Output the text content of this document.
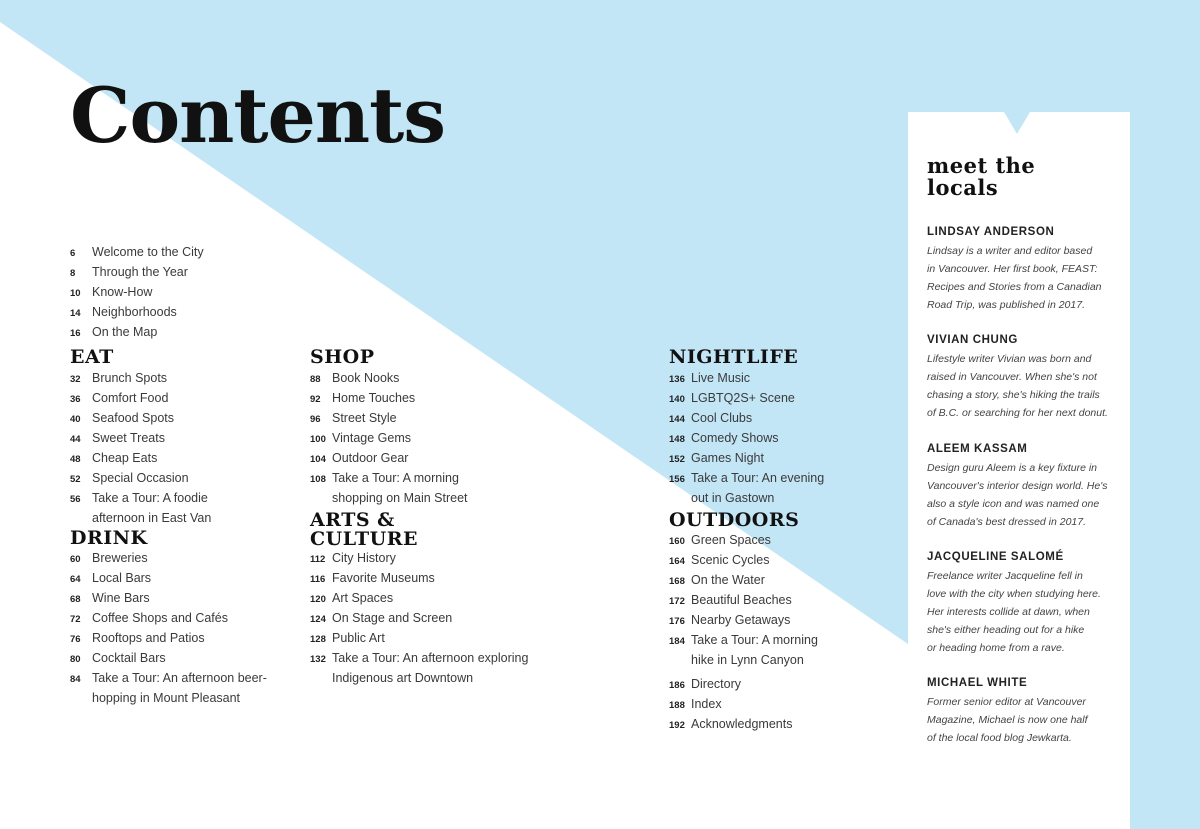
Contents
6 Welcome to the City
8 Through the Year
10 Know-How
14 Neighborhoods
16 On the Map
EAT
32 Brunch Spots
36 Comfort Food
40 Seafood Spots
44 Sweet Treats
48 Cheap Eats
52 Special Occasion
56 Take a Tour: A foodie
afternoon in East Van
DRINK
60 Breweries
64 Local Bars
68 Wine Bars
72 Coffee Shops and Cafés
76 Rooftops and Patios
80 Cocktail Bars
84 Take a Tour: An afternoon beer-
hopping in Mount Pleasant
SHOP
88 Book Nooks
92 Home Touches
96 Street Style
100 Vintage Gems
104 Outdoor Gear
108 Take a Tour: A morning
shopping on Main Street
ARTS &
CULTURE
112 City History
116 Favorite Museums
120 Art Spaces
124 On Stage and Screen
128 Public Art
132 Take a Tour: An afternoon exploring
Indigenous art Downtown
NIGHTLIFE
136 Live Music
140 LGBTQ2S+ Scene
144 Cool Clubs
148 Comedy Shows
152 Games Night
156 Take a Tour: An evening
out in Gastown
OUTDOORS
160 Green Spaces
164 Scenic Cycles
168 On the Water
172 Beautiful Beaches
176 Nearby Getaways
184 Take a Tour: A morning
hike in Lynn Canyon
186 Directory
188 Index
192 Acknowledgments
meet the
locals

LINDSAY ANDERSON

Lindsay is a writer and editor based
in Vancouver. Her first book, FEAST:
Recipes and Stories from a Canadian
Road Trip, was published in 2017.

VIVIAN CHUNG

Lifestyle writer Vivian was born and
raised in Vancouver. When she's not
chasing a story, she's hiking the trails
of B.C. or searching for her next donut.

ALEEM KASSAM

Design guru Aleem is a key fixture in
Vancouver's interior design world. He's
also a style icon and was named one
of Canada's best dressed in 2017.

JACQUELINE SALOMÉ

Freelance writer Jacqueline fell in
love with the city when studying here.
Her interests collide at dawn, when
she's either heading out for a hike
or heading home from a rave.

MICHAEL WHITE

Former senior editor at Vancouver
Magazine, Michael is now one half
of the local food blog Jewkarta.
